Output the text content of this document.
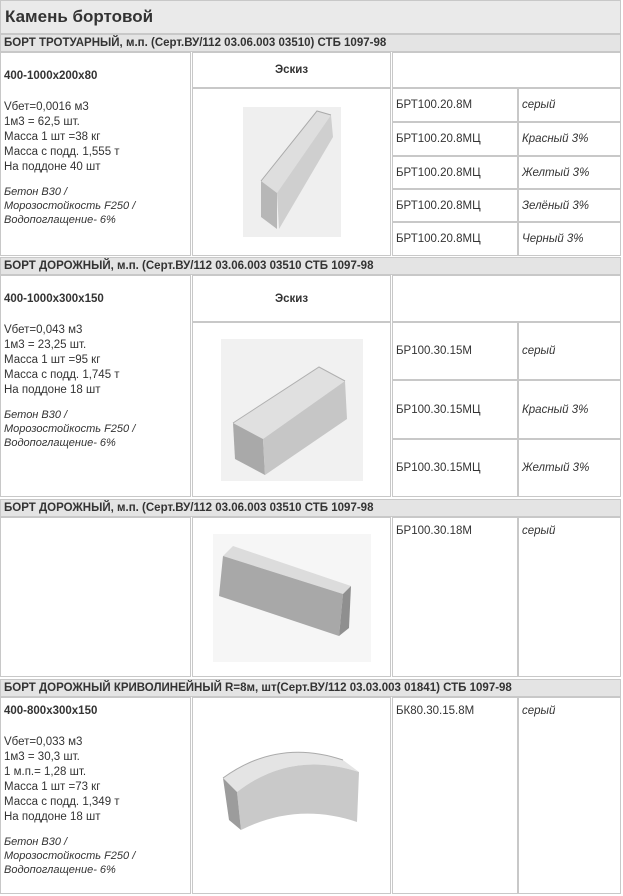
Камень бортовой
БОРТ ТРОТУАРНЫЙ, м.п. (Серт.ВУ/112 03.06.003 03510) СТБ 1097-98
400-1000х200х80
Vбет=0,0016 м3
1м3 = 62,5 шт.
Масса 1 шт =38 кг
Масса с подд. 1,555 т
На поддоне 40 шт
Бетон В30 /
Морозостойкость F250 /
Водопоглащение- 6%
Эскиз
БРТ100.20.8М	серый
БРТ100.20.8МЦ	Красный 3%
БРТ100.20.8МЦ	Желтый 3%
БРТ100.20.8МЦ	Зелёный 3%
БРТ100.20.8МЦ	Черный 3%
БОРТ ДОРОЖНЫЙ, м.п. (Серт.ВУ/112 03.06.003 03510 СТБ 1097-98
400-1000х300х150
Vбет=0,043 м3
1м3 = 23,25 шт.
Масса 1 шт =95 кг
Масса с подд. 1,745 т
На поддоне 18 шт
Бетон В30 /
Морозостойкость F250 /
Водопоглащение- 6%
Эскиз
БР100.30.15М	серый
БР100.30.15МЦ	Красный 3%
БР100.30.15МЦ	Желтый 3%
БОРТ ДОРОЖНЫЙ, м.п. (Серт.ВУ/112 03.06.003 03510 СТБ 1097-98
БР100.30.18М	серый
БОРТ ДОРОЖНЫЙ КРИВОЛИНЕЙНЫЙ R=8м, шт(Серт.ВУ/112 03.03.003 01841) СТБ 1097-98
400-800х300х150
Vбет=0,033 м3
1м3 = 30,3 шт.
1 м.п.= 1,28 шт.
Масса 1 шт =73 кг
Масса с подд. 1,349 т
На поддоне 18 шт
Бетон В30 /
Морозостойкость F250 /
Водопоглащение- 6%
БК80.30.15.8М	серый
